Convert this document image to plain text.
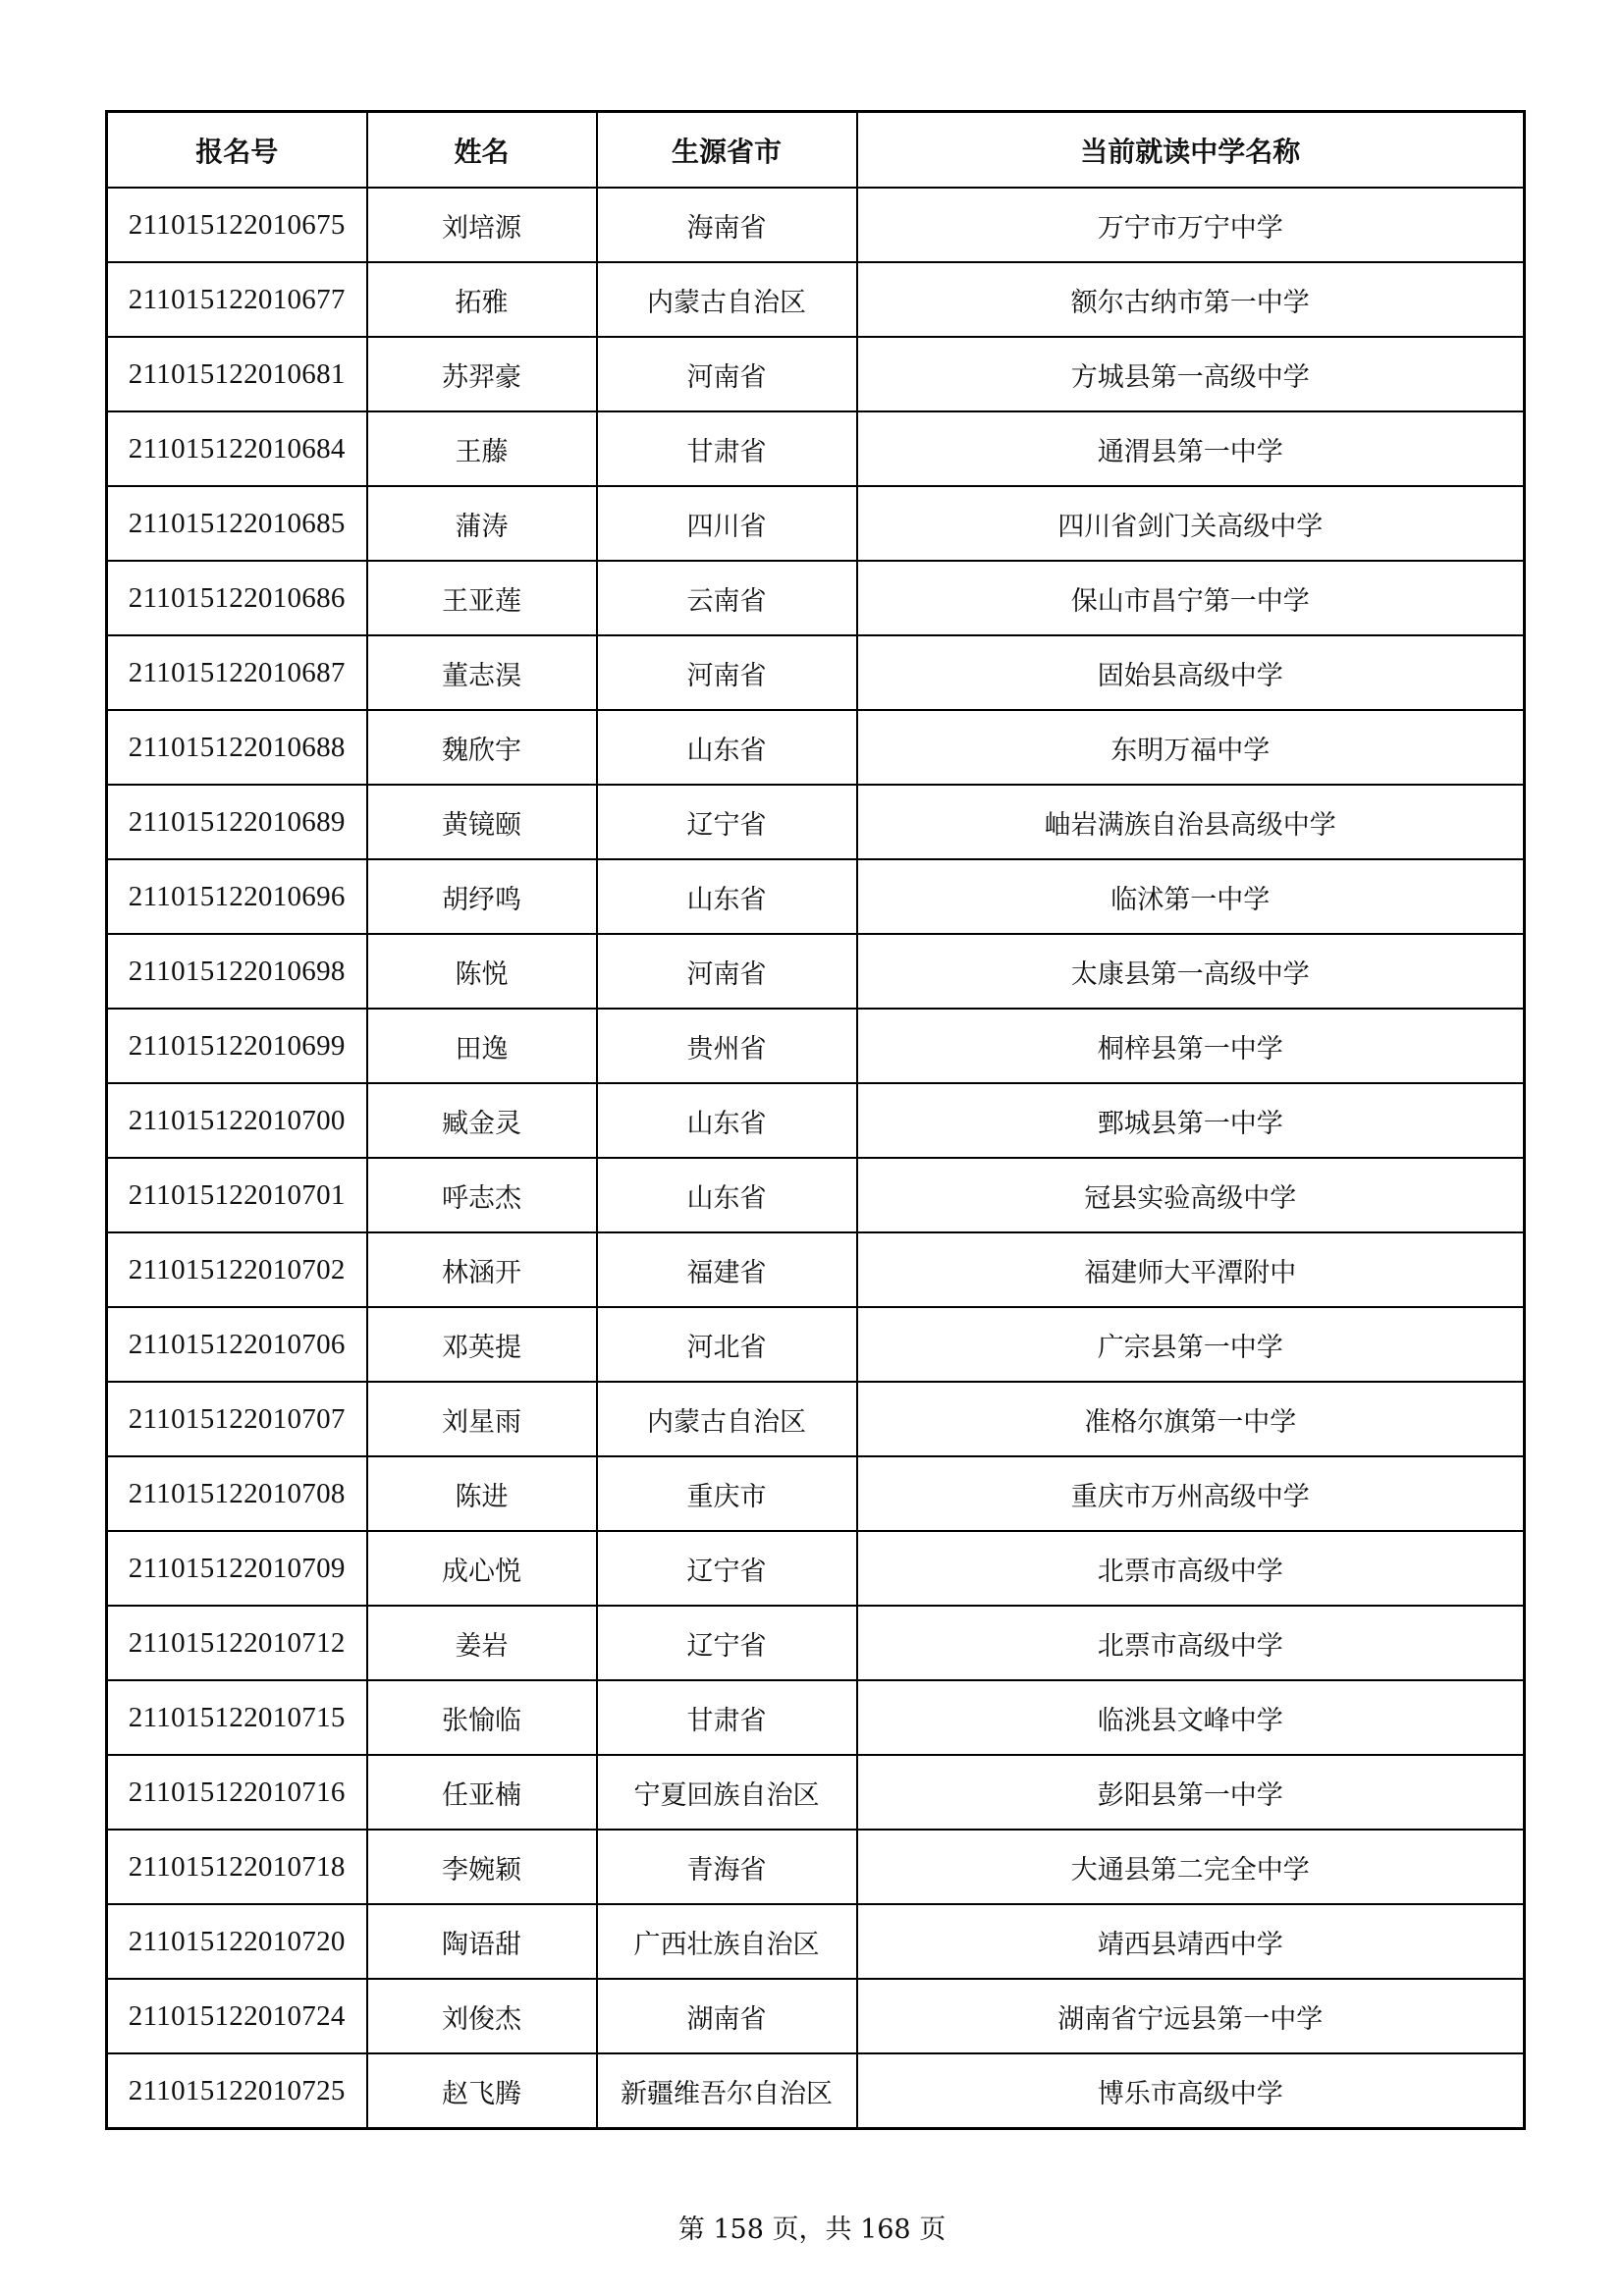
报名号	姓名	生源省市	当前就读中学名称
211015122010675	刘培源	海南省	万宁市万宁中学
211015122010677	拓雅	内蒙古自治区	额尔古纳市第一中学
211015122010681	苏羿豪	河南省	方城县第一高级中学
211015122010684	王藤	甘肃省	通渭县第一中学
211015122010685	蒲涛	四川省	四川省剑门关高级中学
211015122010686	王亚莲	云南省	保山市昌宁第一中学
211015122010687	董志淏	河南省	固始县高级中学
211015122010688	魏欣宇	山东省	东明万福中学
211015122010689	黄镜颐	辽宁省	岫岩满族自治县高级中学
211015122010696	胡纾鸣	山东省	临沭第一中学
211015122010698	陈悦	河南省	太康县第一高级中学
211015122010699	田逸	贵州省	桐梓县第一中学
211015122010700	臧金灵	山东省	鄄城县第一中学
211015122010701	呼志杰	山东省	冠县实验高级中学
211015122010702	林涵开	福建省	福建师大平潭附中
211015122010706	邓英提	河北省	广宗县第一中学
211015122010707	刘星雨	内蒙古自治区	准格尔旗第一中学
211015122010708	陈进	重庆市	重庆市万州高级中学
211015122010709	成心悦	辽宁省	北票市高级中学
211015122010712	姜岩	辽宁省	北票市高级中学
211015122010715	张愉临	甘肃省	临洮县文峰中学
211015122010716	任亚楠	宁夏回族自治区	彭阳县第一中学
211015122010718	李婉颖	青海省	大通县第二完全中学
211015122010720	陶语甜	广西壮族自治区	靖西县靖西中学
211015122010724	刘俊杰	湖南省	湖南省宁远县第一中学
211015122010725	赵飞腾	新疆维吾尔自治区	博乐市高级中学
第 158 页，共 168 页
